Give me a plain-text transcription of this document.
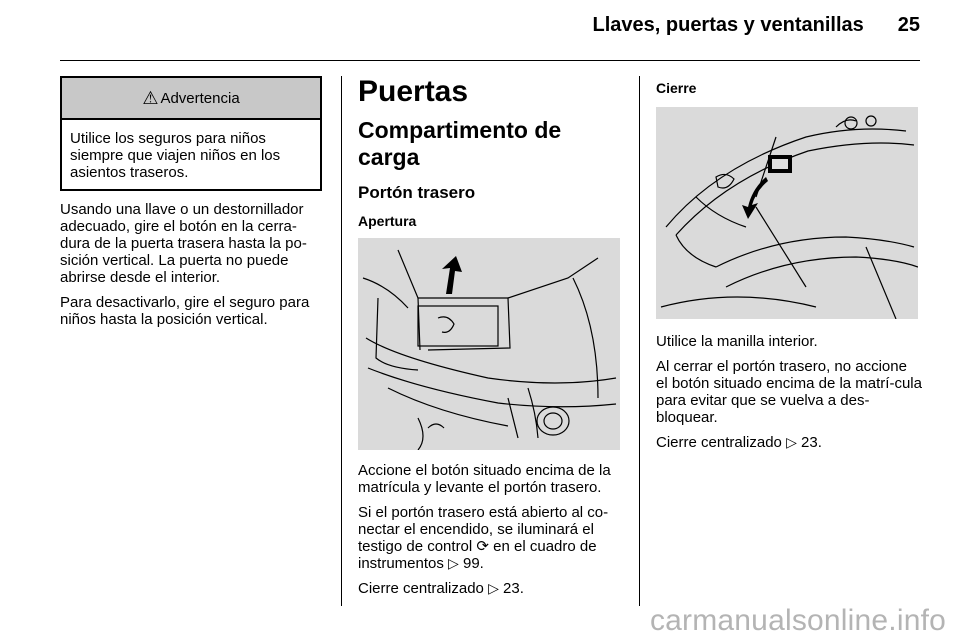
Llaves, puertas y ventanillas 25
⚠ Advertencia
Utilice los seguros para niños siempre que viajen niños en los asientos traseros.

Usando una llave o un destornillador adecuado, gire el botón en la cerra-dura de la puerta trasera hasta la po-sición vertical. La puerta no puede abrirse desde el interior.

Para desactivarlo, gire el seguro para niños hasta la posición vertical.

Puertas
Compartimento de carga
Portón trasero
Apertura

Accione el botón situado encima de la matrícula y levante el portón trasero.

Si el portón trasero está abierto al co-nectar el encendido, se iluminará el testigo de control ⟳ en el cuadro de instrumentos ▷ 99.

Cierre centralizado ▷ 23.

Cierre

Utilice la manilla interior.

Al cerrar el portón trasero, no accione el botón situado encima de la matrí-cula para evitar que se vuelva a des-bloquear.

Cierre centralizado ▷ 23.

carmanualsonline.info
